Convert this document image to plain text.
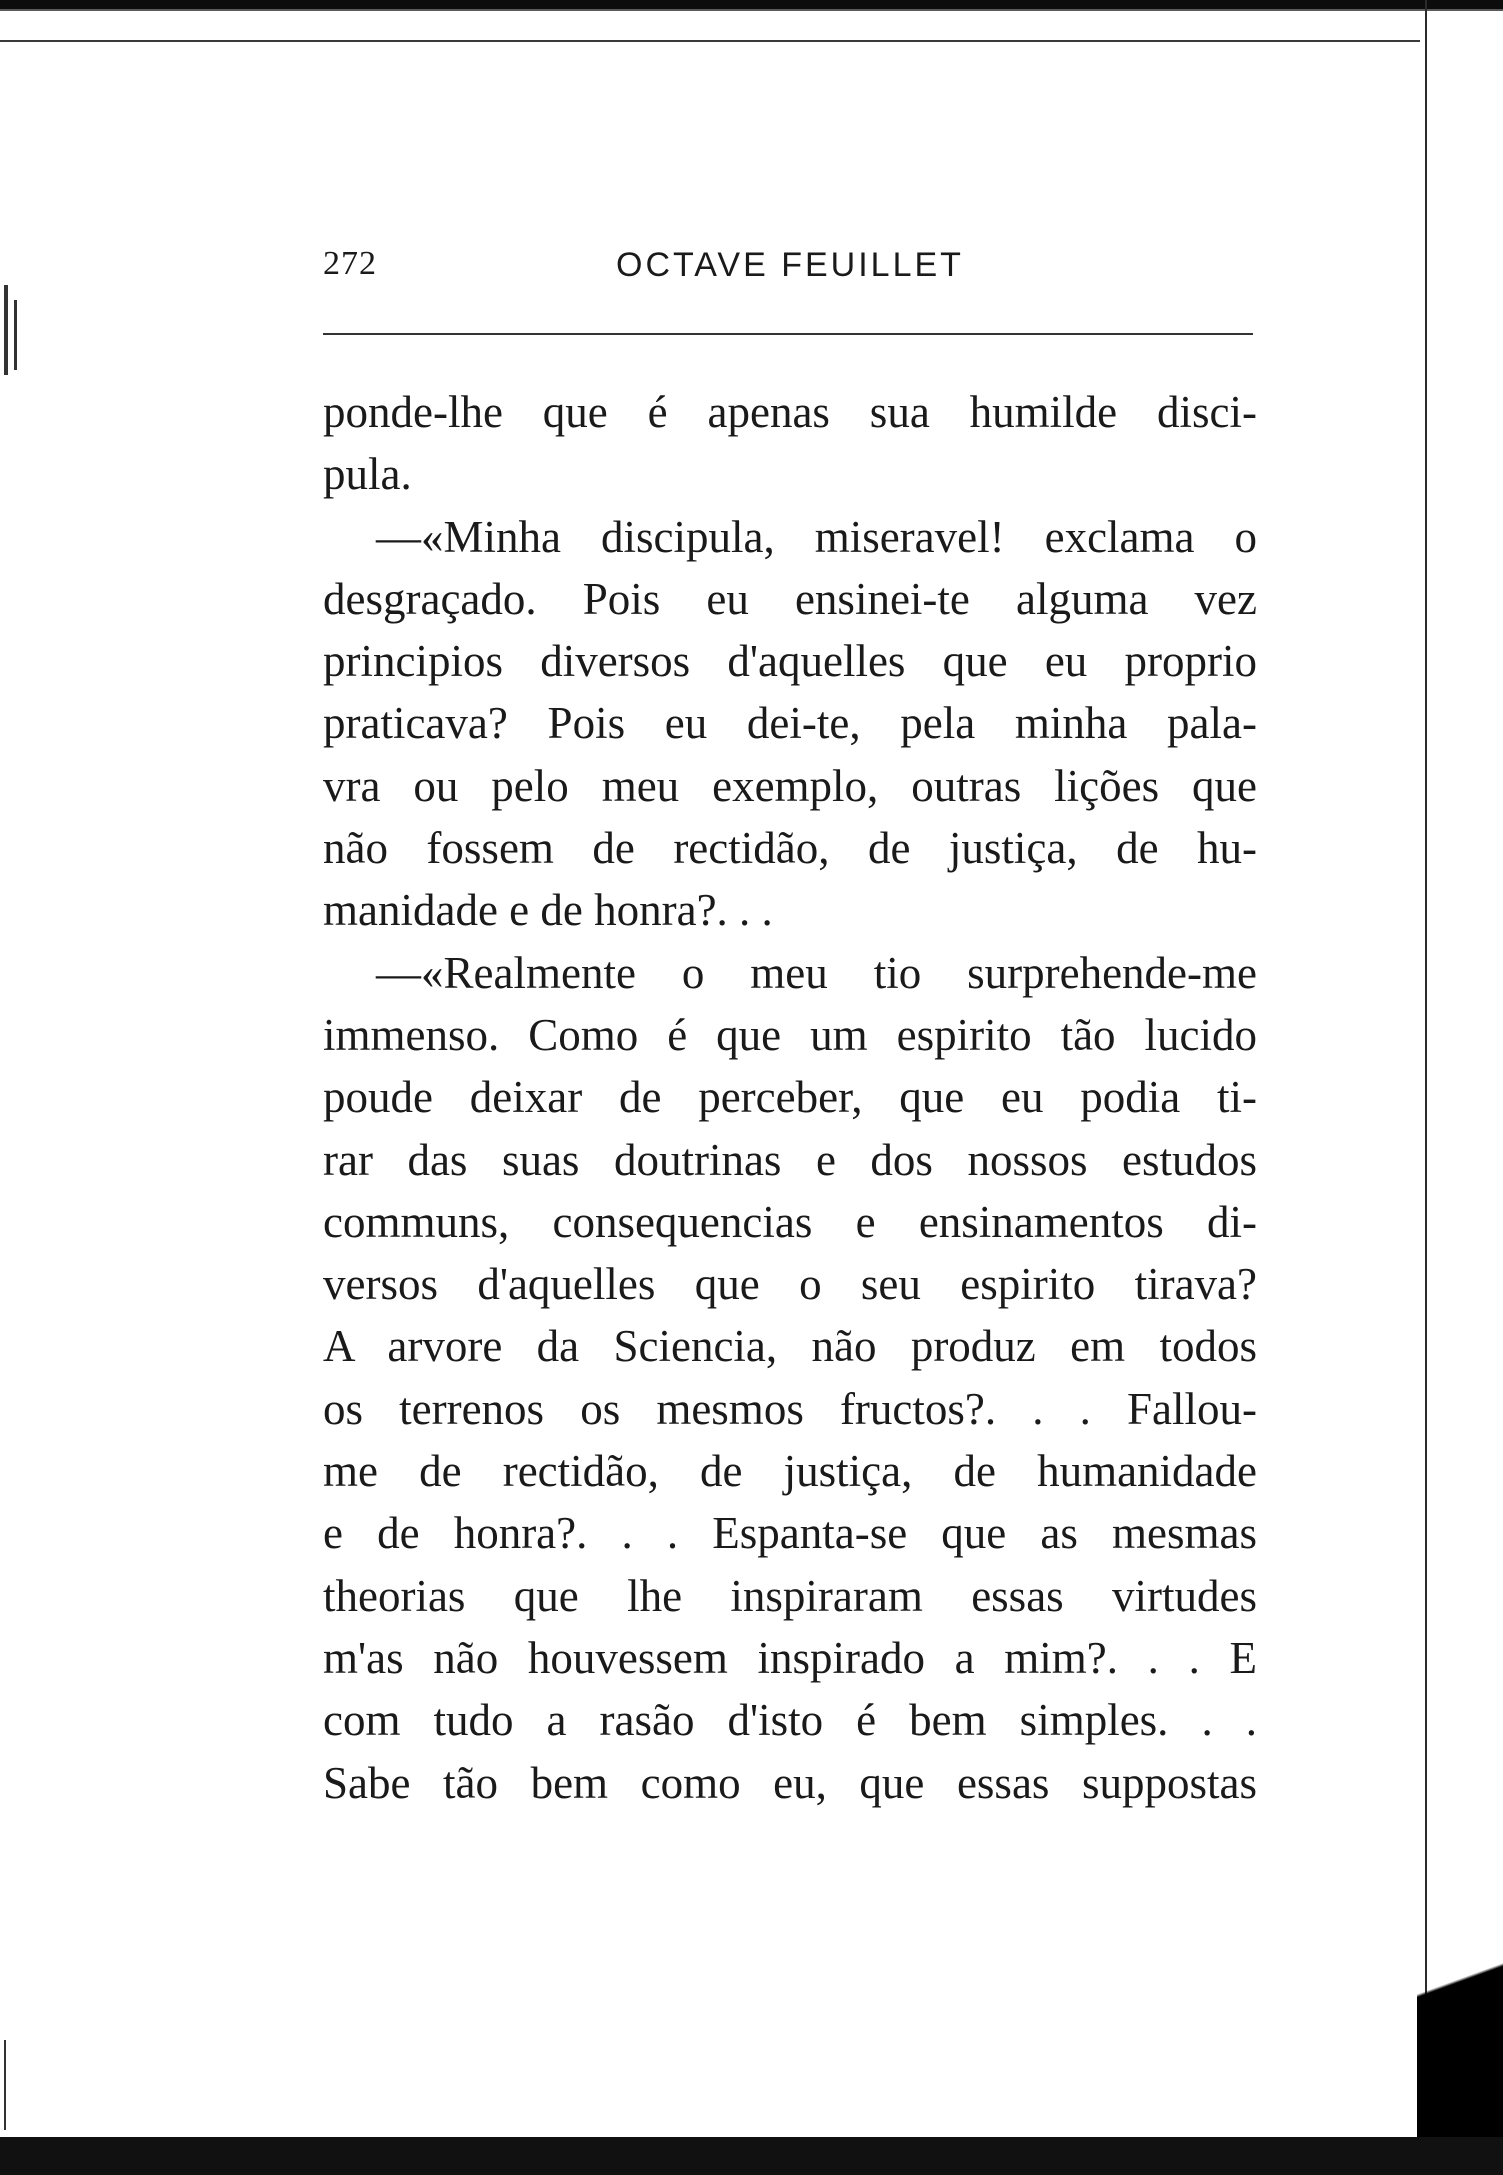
272	OCTAVE FEUILLET
ponde-lhe que é apenas sua humilde disci-
pula.
—«Minha discipula, miseravel! exclama o
desgraçado. Pois eu ensinei-te alguma vez
principios diversos d'aquelles que eu proprio
praticava? Pois eu dei-te, pela minha pala-
vra ou pelo meu exemplo, outras lições que
não fossem de rectidão, de justiça, de hu-
manidade e de honra?. . .
—«Realmente o meu tio surprehende-me
immenso. Como é que um espirito tão lucido
poude deixar de perceber, que eu podia ti-
rar das suas doutrinas e dos nossos estudos
communs, consequencias e ensinamentos di-
versos d'aquelles que o seu espirito tirava?
A arvore da Sciencia, não produz em todos
os terrenos os mesmos fructos?. . . Fallou-
me de rectidão, de justiça, de humanidade
e de honra?. . . Espanta-se que as mesmas
theorias que lhe inspiraram essas virtudes
m'as não houvessem inspirado a mim?. . . E
com tudo a rasão d'isto é bem simples. . .
Sabe tão bem como eu, que essas suppostas
